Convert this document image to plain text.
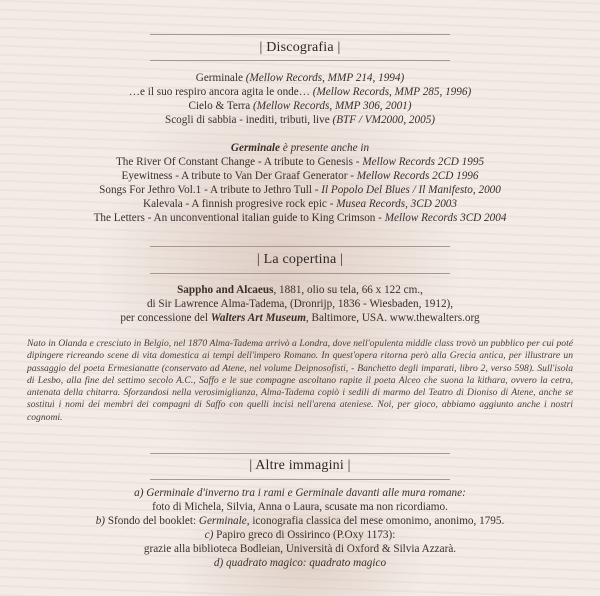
| Discografia |
Germinale (Mellow Records, MMP 214, 1994)
…e il suo respiro ancora agita le onde… (Mellow Records, MMP 285, 1996)
Cielo & Terra (Mellow Records, MMP 306, 2001)
Scogli di sabbia - inediti, tributi, live (BTF / VM2000, 2005)
Germinale è presente anche in
The River Of Constant Change - A tribute to Genesis - Mellow Records 2CD 1995
Eyewitness - A tribute to Van Der Graaf Generator - Mellow Records 2CD 1996
Songs For Jethro Vol.1 - A tribute to Jethro Tull - Il Popolo Del Blues / Il Manifesto, 2000
Kalevala - A finnish progresive rock epic - Musea Records, 3CD 2003
The Letters - An unconventional italian guide to King Crimson - Mellow Records 3CD 2004
| La copertina |
Sappho and Alcaeus, 1881, olio su tela, 66 x 122 cm.,
di Sir Lawrence Alma-Tadema, (Dronrijp, 1836 - Wiesbaden, 1912),
per concessione del Walters Art Museum, Baltimore, USA. www.thewalters.org
Nato in Olanda e cresciuto in Belgio, nel 1870 Alma-Tadema arrivò a Londra, dove nell'opulenta middle class trovò un pubblico per cui poté dipingere ricreando scene di vita domestica ai tempi dell'impero Romano. In quest'opera ritorna però alla Grecia antica, per illustrare un passaggio del poeta Ermesianatte (conservato ad Atene, nel volume Deipnosofisti, - Banchetto degli imparati, libro 2, verso 598). Sull'isola di Lesbo, alla fine del settimo secolo A.C., Saffo e le sue compagne ascoltano rapite il poeta Alceo che suona la kithara, ovvero la cetra, antenata della chitarra. Sforzandosi nella verosimiglianza, Alma-Tadema copiò i sedili di marmo del Teatro di Dioniso di Atene, anche se sostituì i nomi dei membri dei compagni di Saffo con quelli incisi nell'arena ateniese. Noi, per gioco, abbiamo aggiunto anche i nostri cognomi.
| Altre immagini |
a) Germinale d'inverno tra i rami e Germinale davanti alle mura romane:
foto di Michela, Silvia, Anna o Laura, scusate ma non ricordiamo.
b) Sfondo del booklet: Germinale, iconografia classica del mese omonimo, anonimo, 1795.
c) Papiro greco di Ossirinco (P.Oxy 1173):
grazie alla biblioteca Bodleian, Università di Oxford & Silvia Azzarà.
d) quadrato magico: quadrato magico
